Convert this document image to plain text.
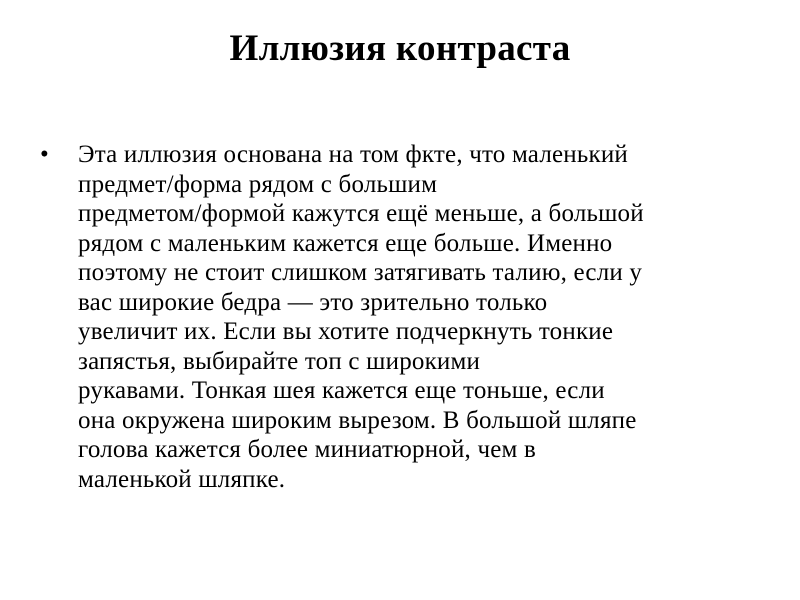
Иллюзия контраста
• Эта иллюзия основана на том фкте, что маленький
предмет/форма рядом с большим
предметом/формой кажутся ещё меньше, а большой
рядом с маленьким кажется еще больше. Именно
поэтому не стоит слишком затягивать талию, если у
вас широкие бедра — это зрительно только
увеличит их. Если вы хотите подчеркнуть тонкие
запястья, выбирайте топ с широкими
рукавами. Тонкая шея кажется еще тоньше, если
она окружена широким вырезом. В большой шляпе
голова кажется более миниатюрной, чем в
маленькой шляпке.
